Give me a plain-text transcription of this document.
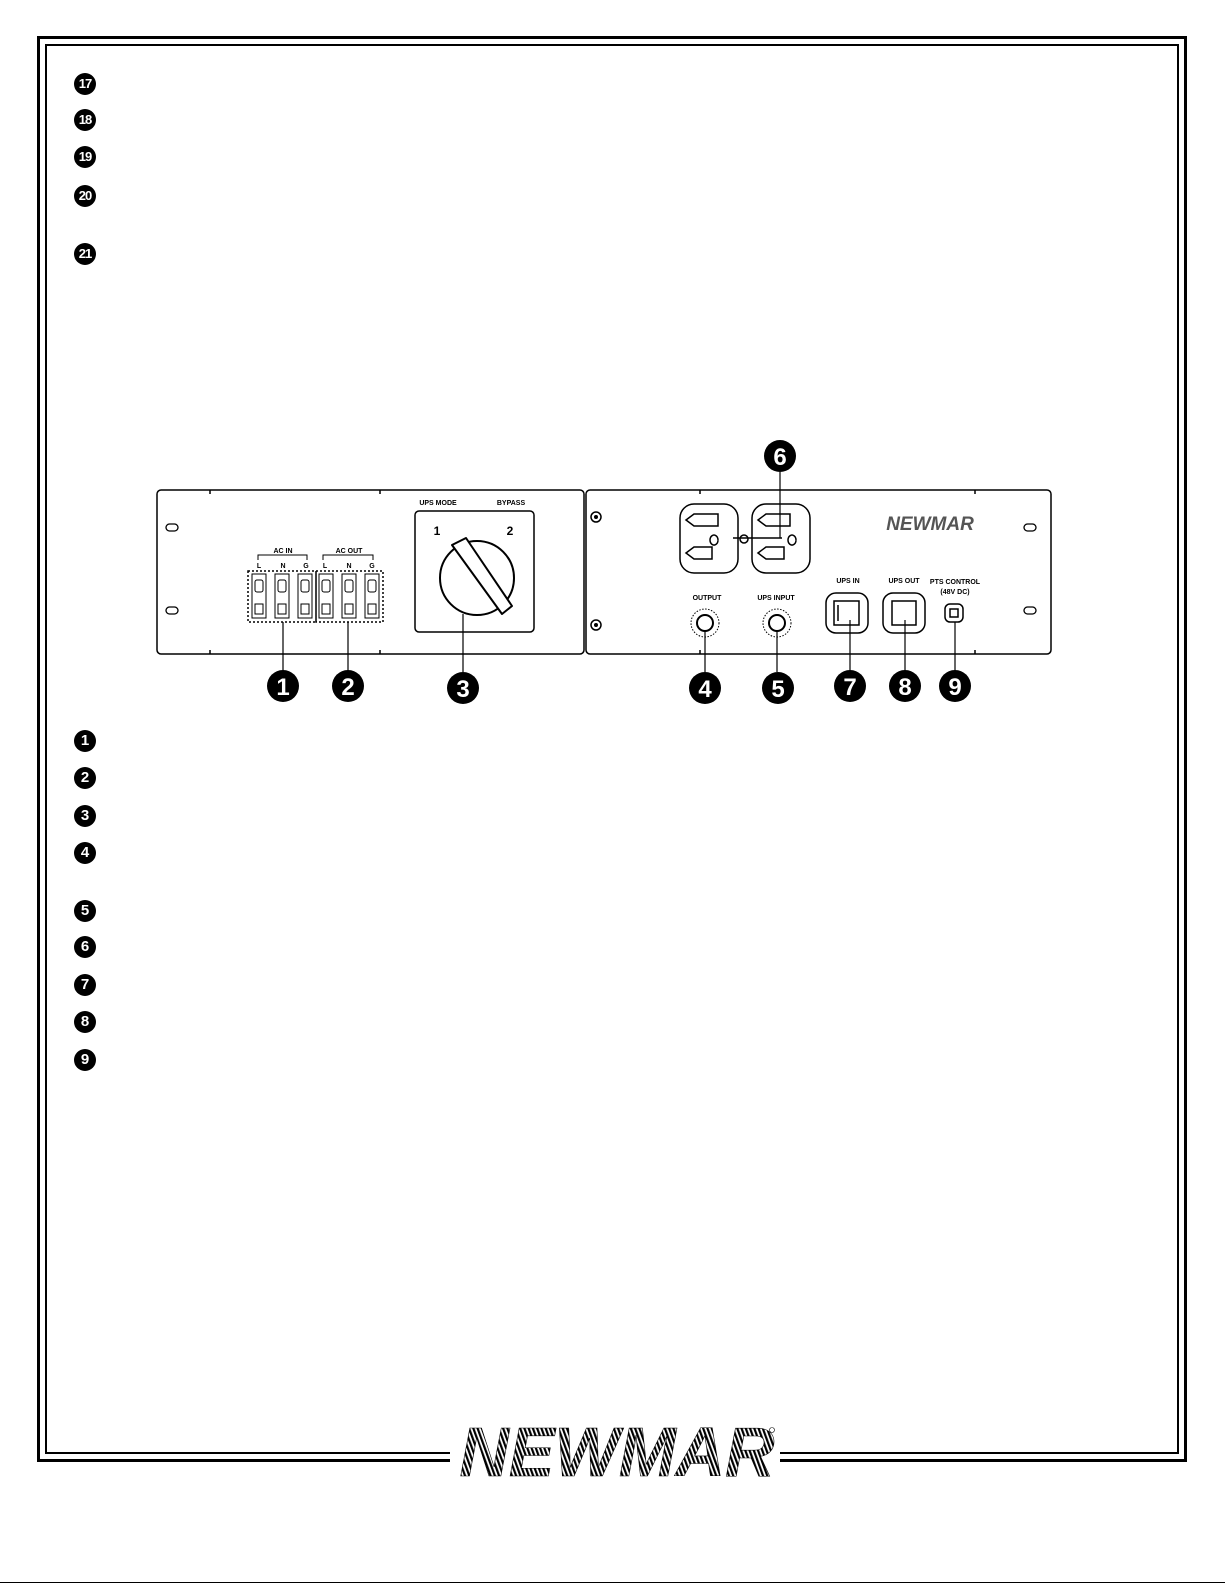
17
18
19
20
21
AC IN	AC OUT
L	N	G L	N	G
UPS MODE	BYPASS
1	2	NEWMAR
OUTPUT	UPS INPUT
UPS IN	UPS OUT PTS CONTROL
(48V DC)
1 2	3	4 5
6
7 8 9
1
2
3
4
5
6
7
8
9
NEWMAR
